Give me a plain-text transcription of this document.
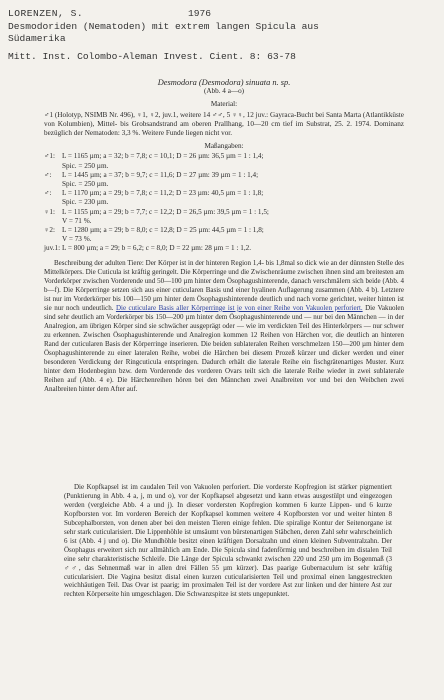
LORENZEN, S.	1976
Desmodoriden (Nematoden) mit extrem langen Spicula aus
Südamerika
Mitt. Inst. Colombo-Aleman Invest. Cient. 8: 63-78

Desmodora (Desmodora) sinuata n. sp.

(Abb. 4 a—o)

Material:

♂1 (Holotyp, NSIMB Nr. 496), ♀1, ♀2, juv.1, weitere 14 ♂♂, 5 ♀♀, 12 juv.: Gayraca-Bucht bei Santa Marta (Atlantikküste von Kolumbien), Mittel- bis Grobsandstrand am oberen Prallhang, 10—20 cm tief im Substrat, 25. 2. 1974. Dominanz bezüglich der Nematoden: 3,3 %. Weitere Funde liegen nicht vor.

Maßangaben:

♂1: L = 1165 µm; a = 32; b = 7,8; c = 10,1; D = 26 µm: 36,5 µm = 1 : 1,4;
Spic. = 250 µm.
♂:	L = 1445 µm; a = 37; b = 9,7; c = 11,6; D = 27 µm: 39 µm = 1 : 1,4;
Spic. = 250 µm.
♂:	L = 1170 µm; a = 29; b = 7,8; c = 11,2; D = 23 µm: 40,5 µm = 1 : 1,8;
Spic. = 230 µm.
♀1: L = 1155 µm; a = 29; b = 7,7; c = 12,2; D = 26,5 µm: 39,5 µm = 1 : 1,5;
V = 71 %.
♀2: L = 1280 µm; a = 29; b = 8,0; c = 12,8; D = 25 µm: 44,5 µm = 1 : 1,8;
V = 73 %.
juv.1: L = 800 µm; a = 29; b = 6,2; c = 8,0; D = 22 µm: 28 µm = 1 : 1,2.

Beschreibung der adulten Tiere: Der Körper ist in der hinteren Region 1,4- bis 1,8mal so dick wie an der dünnsten Stelle des Mittelkörpers. Die Cuticula ist kräftig geringelt. Die Körperringe und die Zwischenräume zwischen ihnen sind am breitesten am Vorderkörper zwischen Vorderende und 50—100 µm hinter dem Ösophagushinterende, danach verschmälern sich beide (Abb. 4 b—f). Die Körperringe setzen sich aus einer cuticularen Basis und einer hyalinen Auflagerung zusammen (Abb. 4 b). Letztere ist nur im Vorderkörper bis 100—150 µm hinter dem Ösophagushinterende deutlich und nach vorne gerichtet, weiter hinten ist sie nur noch undeutlich. Die cuticulare Basis aller Körperringe ist je von einer Reihe von Vakuolen perforiert. Die Vakuolen sind sehr deutlich am Vorderkörper bis 150—200 µm hinter dem Ösophagushinterende und — nur bei den Männchen — in der Analregion, am übrigen Körper sind sie schwächer ausgeprägt oder — wie im verdickten Teil des Hinterkörpers — nur schwer zu erkennen. Zwischen Ösophagushinterende und Analregion kommen 12 Reihen von Härchen vor, die deutlich an hinteren Rand der cuticularen Basis der Körperringe inserieren. Die beiden sublateralen Reihen verschmelzen 150—200 µm hinter dem Ösophagushinterende zu einer lateralen Reihe, wobei die Härchen bei diesem Prozeß kürzer und dicker werden und einer besonderen Verdickung der Ringcuticula entspringen. Dadurch erhält die laterale Reihe ein fischgrätenartiges Muster. Kurz hinter dem Hodenbeginn bzw. dem Vorderende des vorderen Ovars teilt sich die laterale Reihe wieder in zwei sublaterale Reihen auf (Abb. 4 e). Die Härchenreihen hören bei den Männchen zwei Analbreiten vor und bei den Weibchen zwei Analbreiten hinter dem After auf.

Die Kopfkapsel ist im caudalen Teil von Vakuolen perforiert. Die vorderste Kopfregion ist stärker pigmentiert (Punktierung in Abb. 4 a, j, m und o), vor der Kopfkapsel abgesetzt und kann etwas ausgestülpt und eingezogen werden (vergleiche Abb. 4 a und j). In dieser vordersten Kopfregion kommen 6 kurze Lippen- und 6 kurze Kopfborsten vor. Im vorderen Bereich der Kopfkapsel kommen weitere 4 Kopfborsten vor und weiter hinten 8 Subcephalborsten, von denen aber bei den meisten Tieren einige fehlen. Die spiralige Kontur der Seitenorgane ist sehr stark cuticularisiert. Die Lippenhöhle ist umsäumt von bürstenartigen Stäbchen, deren Zahl sehr wahrscheinlich 6 ist (Abb. 4 j und o). Die Mundhöhle besitzt einen kräftigen Dorsalzahn und einen kleinen Subventralzahn. Der Ösophagus erweitert sich nur allmählich am Ende. Die Spicula sind fadenförmig und beschreiben im distalen Teil eine sehr charakteristische Schleife. Die Länge der Spicula schwankt zwischen 220 und 250 µm im Bogenmaß (3 ♂♂, das Sehnenmaß war in allen drei Fällen 55 µm kürzer). Das paarige Gubernaculum ist sehr kräftig cuticularisiert. Die Vagina besitzt distal einen kurzen cuticularisierten Teil und proximal einen langgestreckten weichhäutigen Teil. Das Ovar ist paarig; im proximalen Teil ist der vordere Ast zur linken und der hintere Ast zur rechten Körperseite hin umgeschlagen. Die Schwanzspitze ist stets ungepunktet.
